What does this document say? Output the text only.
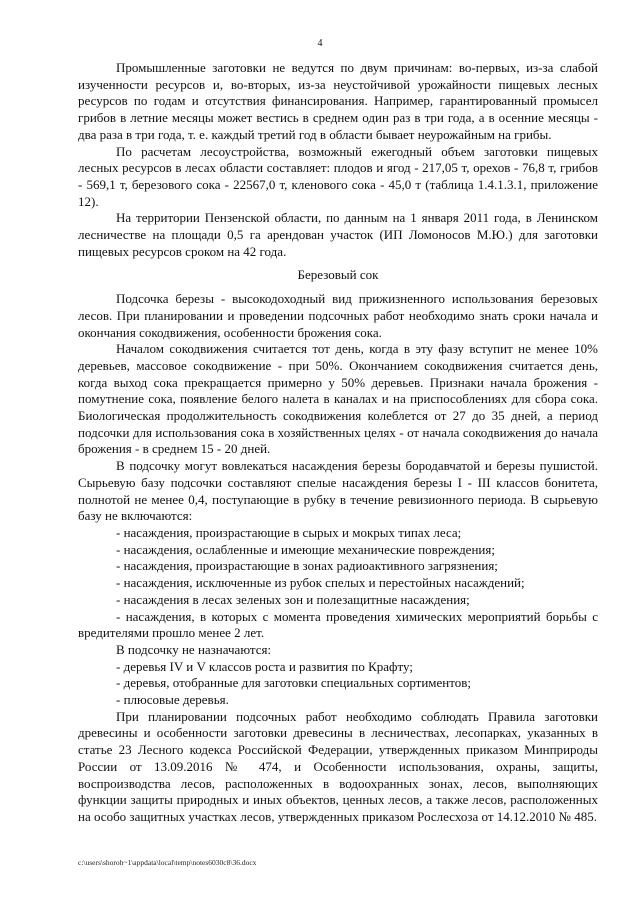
4

Промышленные заготовки не ведутся по двум причинам: во-первых, из-за слабой изученности ресурсов и, во-вторых, из-за неустойчивой урожайности пищевых лесных ресурсов по годам и отсутствия финансирования. Например, гарантированный промысел грибов в летние месяцы может вестись в среднем один раз в три года, а в осенние месяцы - два раза в три года, т. е. каждый третий год в области бывает неурожайным на грибы.

По расчетам лесоустройства, возможный ежегодный объем заготовки пищевых лесных ресурсов в лесах области составляет: плодов и ягод - 217,05 т, орехов - 76,8 т, грибов - 569,1 т, березового сока - 22567,0 т, кленового сока - 45,0 т (таблица 1.4.1.3.1, приложение 12).

На территории Пензенской области, по данным на 1 января 2011 года, в Ленинском лесничестве на площади 0,5 га арендован участок (ИП Ломоносов М.Ю.) для заготовки пищевых ресурсов сроком на 42 года.

Березовый сок

Подсочка березы - высокодоходный вид прижизненного использования березовых лесов. При планировании и проведении подсочных работ необходимо знать сроки начала и окончания сокодвижения, особенности брожения сока.

Началом сокодвижения считается тот день, когда в эту фазу вступит не менее 10% деревьев, массовое сокодвижение - при 50%. Окончанием сокодвижения считается день, когда выход сока прекращается примерно у 50% деревьев. Признаки начала брожения - помутнение сока, появление белого налета в каналах и на приспособлениях для сбора сока. Биологическая продолжительность сокодвижения колеблется от 27 до 35 дней, а период подсочки для использования сока в хозяйственных целях - от начала сокодвижения до начала брожения - в среднем 15 - 20 дней.

В подсочку могут вовлекаться насаждения березы бородавчатой и березы пушистой. Сырьевую базу подсочки составляют спелые насаждения березы I - III классов бонитета, полнотой не менее 0,4, поступающие в рубку в течение ревизионного периода. В сырьевую базу не включаются:

- насаждения, произрастающие в сырых и мокрых типах леса;

- насаждения, ослабленные и имеющие механические повреждения;

- насаждения, произрастающие в зонах радиоактивного загрязнения;

- насаждения, исключенные из рубок спелых и перестойных насаждений;

- насаждения в лесах зеленых зон и полезащитные насаждения;

- насаждения, в которых с момента проведения химических мероприятий борьбы с вредителями прошло менее 2 лет.

В подсочку не назначаются:

- деревья IV и V классов роста и развития по Крафту;

- деревья, отобранные для заготовки специальных сортиментов;

- плюсовые деревья.

При планировании подсочных работ необходимо соблюдать Правила заготовки древесины и особенности заготовки древесины в лесничествах, лесопарках, указанных в статье 23 Лесного кодекса Российской Федерации, утвержденных приказом Минприроды России от 13.09.2016 № 474, и Особенности использования, охраны, защиты, воспроизводства лесов, расположенных в водоохранных зонах, лесов, выполняющих функции защиты природных и иных объектов, ценных лесов, а также лесов, расположенных на особо защитных участках лесов, утвержденных приказом Рослесхоза от 14.12.2010 № 485.

c:\users\shoroh~1\appdata\local\temp\notes6030c8\36.docx
